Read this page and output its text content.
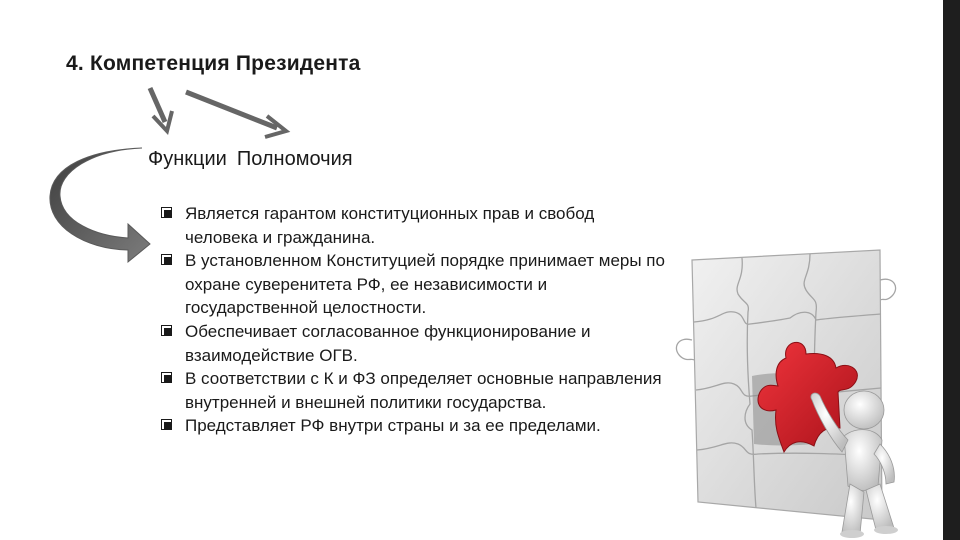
4. Компетенция Президента
Функции Полномочия
Является гарантом конституционных прав и свобод человека и гражданина.
В установленном Конституцией порядке принимает меры по охране суверенитета РФ, ее независимости и государственной целостности.
Обеспечивает согласованное функционирование и взаимодействие ОГВ.
В соответствии с К и ФЗ определяет основные направления внутренней и внешней политики государства.
Представляет РФ внутри страны и за ее пределами.
